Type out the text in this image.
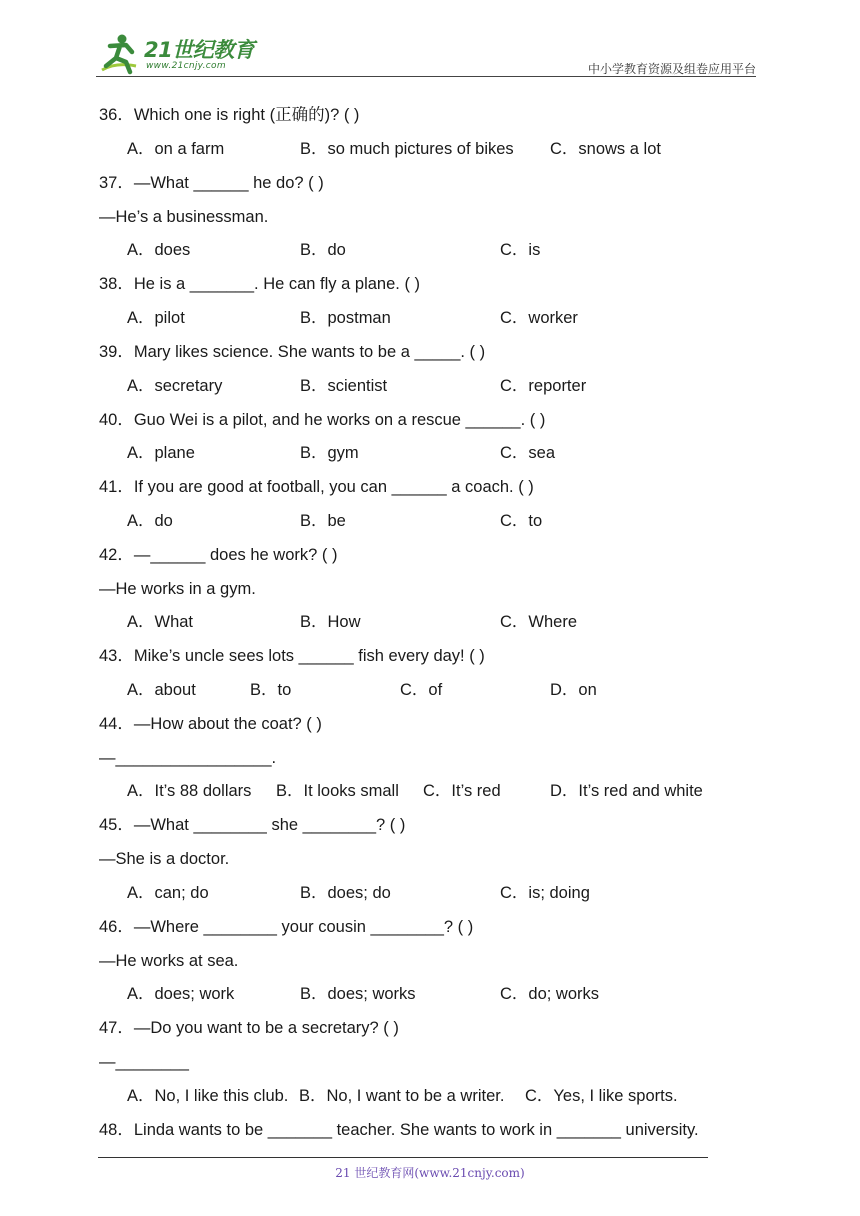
21世纪教育
www.21cnjy.com	中小学教育资源及组卷应用平台
36．Which one is right (正确的)? ( )
A．on a farm	B．so much pictures of bikes C．snows a lot
37．—What ______ he do? ( )
—He’s a businessman.
A．does	B．do	C．is
38．He is a _______. He can fly a plane. ( )
A．pilot	B．postman	C．worker
39．Mary likes science. She wants to be a _____. ( )
A．secretary	B．scientist	C．reporter
40．Guo Wei is a pilot, and he works on a rescue ______. ( )
A．plane	B．gym	C．sea
41．If you are good at football, you can ______ a coach. ( )
A．do	B．be	C．to
42．—______ does he work? ( )
—He works in a gym.
A．What	B．How	C．Where
43．Mike’s uncle sees lots ______ fish every day! ( )
A．about	B．to	C．of	D．on
44．—How about the coat? ( )
—_________________.
A．It’s 88 dollars B．It looks small C．It’s red	D．It’s red and white
45．—What ________ she ________? ( )
—She is a doctor.
A．can; do	B．does; do	C．is; doing
46．—Where ________ your cousin ________? ( )
—He works at sea.
A．does; work	B．does; works	C．do; works
47．—Do you want to be a secretary? ( )
—________
A．No, I like this club. B．No, I want to be a writer. C．Yes, I like sports.
48．Linda wants to be _______ teacher. She wants to work in _______ university.
21 世纪教育网(www.21cnjy.com)
